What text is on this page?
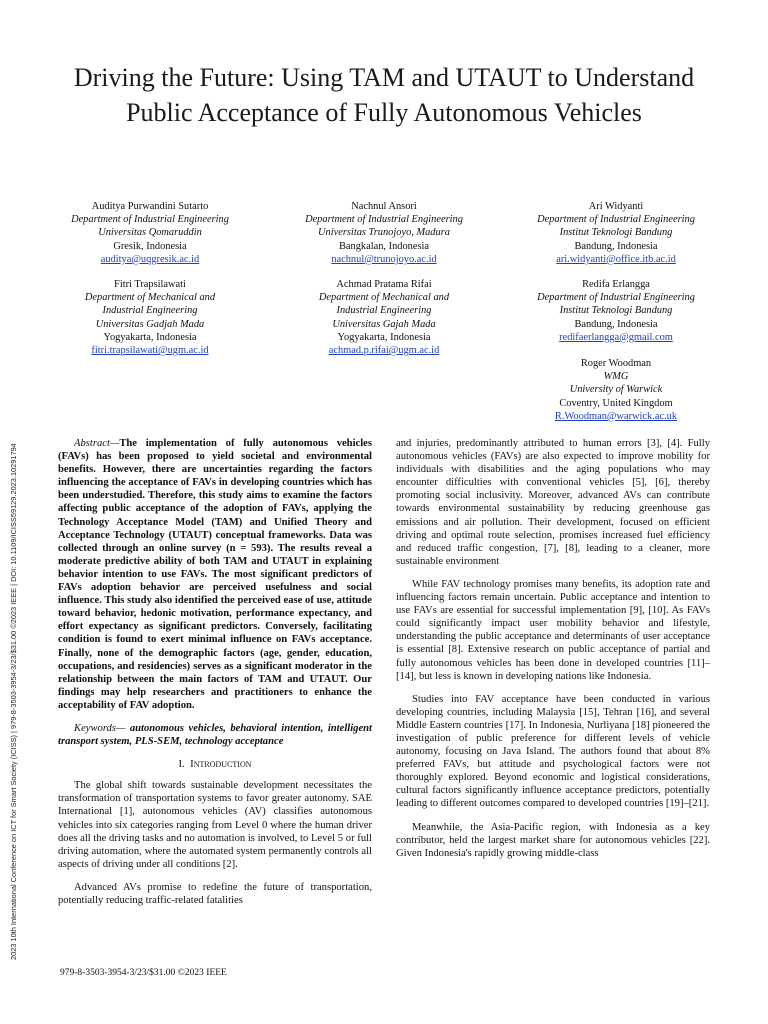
Driving the Future: Using TAM and UTAUT to Understand Public Acceptance of Fully Autonomous Vehicles
Auditya Purwandini Sutarto
Department of Industrial Engineering
Universitas Qomaruddin
Gresik, Indonesia
auditya@uqgresik.ac.id
Nachnul Ansori
Department of Industrial Engineering
Universitas Trunojoyo, Madura
Bangkalan, Indonesia
nachnul@trunojoyo.ac.id
Ari Widyanti
Department of Industrial Engineering
Institut Teknologi Bandung
Bandung, Indonesia
ari.widyanti@office.itb.ac.id
Fitri Trapsilawati
Department of Mechanical and Industrial Engineering
Universitas Gadjah Mada
Yogyakarta, Indonesia
fitri.trapsilawati@ugm.ac.id
Achmad Pratama Rifai
Department of Mechanical and Industrial Engineering
Universitas Gajah Mada
Yogyakarta, Indonesia
achmad.p.rifai@ugm.ac.id
Redifa Erlangga
Department of Industrial Engineering
Institut Teknologi Bandung
Bandung, Indonesia
redifaerlangga@gmail.com
Roger Woodman
WMG
University of Warwick
Coventry, United Kingdom
R.Woodman@warwick.ac.uk

Abstract—The implementation of fully autonomous vehicles (FAVs) has been proposed to yield societal and environmental benefits. However, there are uncertainties regarding the factors influencing the acceptance of FAVs in developing countries which has been understudied. Therefore, this study aims to examine the factors affecting public acceptance of the adoption of FAVs, applying the Technology Acceptance Model (TAM) and Unified Theory and Acceptance Technology (UTAUT) conceptual frameworks. Data was collected through an online survey (n = 593). The results reveal a moderate predictive ability of both TAM and UTAUT in explaining behavior intention to use FAVs. The most significant predictors of FAVs adoption behavior are perceived usefulness and social influence. This study also identified the perceived ease of use, attitude toward behavior, hedonic motivation, performance expectancy, and effort expectancy as significant predictors. Conversely, facilitating condition is found to exert minimal influence on FAVs acceptance. Finally, none of the demographic factors (age, gender, education, occupations, and residencies) serves as a significant moderator in the relationship between the main factors of TAM and UTAUT. Our findings may help researchers and practitioners to enhance the acceptability of FAV adoption.

Keywords— autonomous vehicles, behavioral intention, intelligent transport system, PLS-SEM, technology acceptance

I. Introduction

The global shift towards sustainable development necessitates the transformation of transportation systems to favor greater autonomy. SAE International [1], autonomous vehicles (AV) classifies autonomous vehicles into six categories ranging from Level 0 where the human driver does all the driving tasks and no automation is involved, to Level 5 or full driving automation, where the automated system permanently controls all aspects of driving under all conditions [2].

Advanced AVs promise to redefine the future of transportation, potentially reducing traffic-related fatalities

and injuries, predominantly attributed to human errors [3], [4]. Fully autonomous vehicles (FAVs) are also expected to improve mobility for individuals with disabilities and the aging populations who may encounter difficulties with conventional vehicles [5], [6], thereby promoting social inclusivity. Moreover, advanced AVs can contribute towards environmental sustainability by reducing greenhouse gas emissions and air pollution. Their development, focused on efficient driving and optimal route selection, promises increased fuel efficiency and reduced traffic congestion, [7], [8], leading to a cleaner, more sustainable environment

While FAV technology promises many benefits, its adoption rate and influencing factors remain uncertain. Public acceptance and intention to use FAVs are essential for successful implementation [9], [10]. As FAVs could significantly impact user mobility behavior and lifestyle, understanding the public acceptance and determinants of user acceptance is essential [8]. Extensive research on public acceptance of partial and fully autonomous vehicles has been done in developed countries [11]–[14], but less is known in developing nations like Indonesia.

Studies into FAV acceptance have been conducted in various developing countries, including Malaysia [15], Tehran [16], and several Middle Eastern countries [17]. In Indonesia, Nurliyana [18] pioneered the investigation of public preference for different levels of vehicle autonomy, focusing on Java Island. The authors found that about 8% preferred FAVs, but attitude and psychological factors were not thoroughly explored. Beyond economic and logistical considerations, cultural factors significantly influence acceptance predictors, potentially leading to different outcomes compared to developed countries [19]–[21].

Meanwhile, the Asia-Pacific region, with Indonesia as a key contributor, held the largest market share for autonomous vehicles [22]. Given Indonesia's rapidly growing middle-class

2023 10th International Conference on ICT for Smart Society (ICISS) | 979-8-3503-3954-3/23/$31.00 ©2023 IEEE | DOI: 10.1109/ICISS59129.2023.10291794
979-8-3503-3954-3/23/$31.00 ©2023 IEEE
